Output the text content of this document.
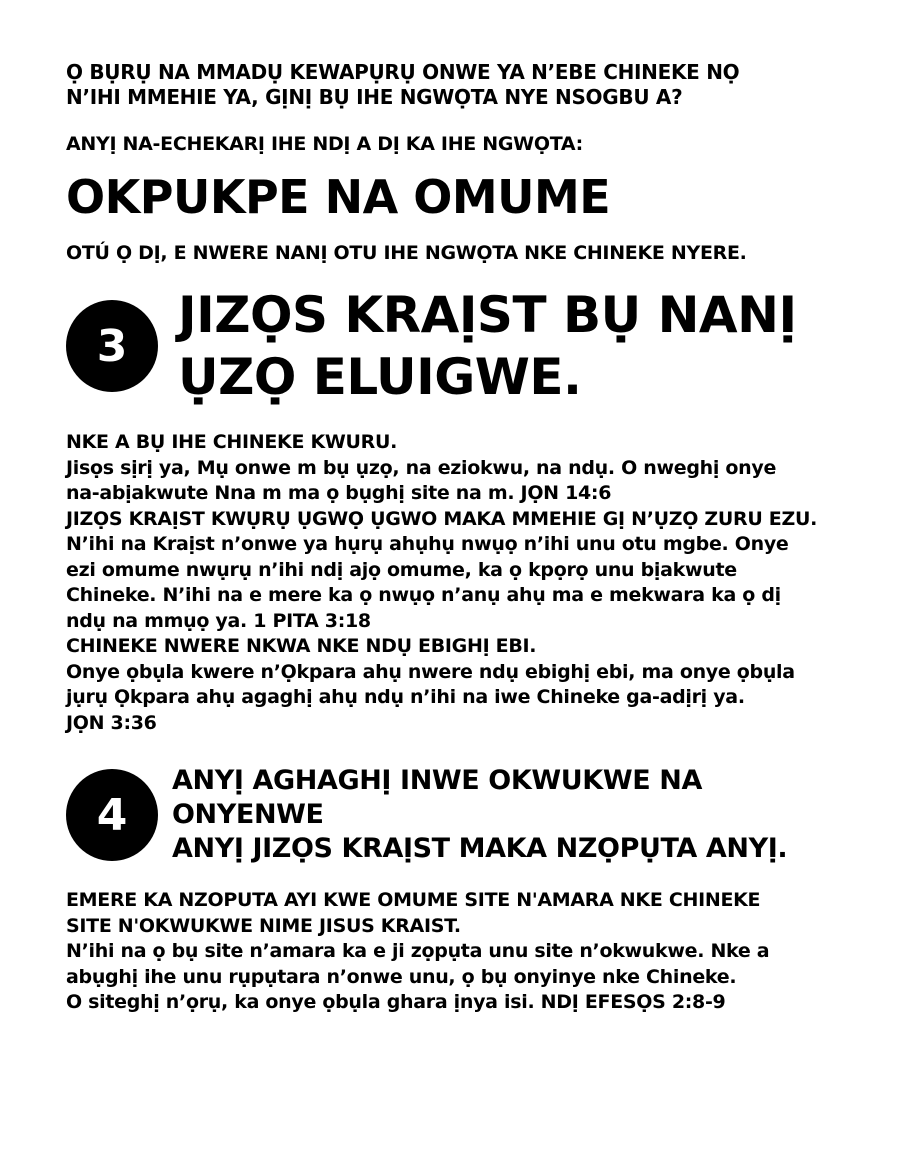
Ọ BỤRỤ NA MMADỤ KEWAPỤRỤ ONWE YA N’EBE CHINEKE NỌ
N’IHI MMEHIE YA, GỊNỊ BỤ IHE NGWỌTA NYE NSOGBU A?
ANYỊ NA-ECHEKARỊ IHE NDỊ A DỊ KA IHE NGWỌTA:
OKPUKPE NA OMUME
OTÚ Ọ DỊ, E NWERE NANỊ OTU IHE NGWỌTA NKE CHINEKE NYERE.
3
JIZỌS KRAỊST BỤ NANỊ
ỤZỌ ELUIGWE.

NKE A BỤ IHE CHINEKE KWURU.

Jisọs sịrị ya, Mụ onwe m bụ ụzọ, na eziokwu, na ndụ. O nweghị onye

na-abịakwute Nna m ma ọ bụghị site na m. JỌN 14:6

JIZỌS KRAỊST KWỤRỤ ỤGWỌ ỤGWO MAKA MMEHIE GỊ N’ỤZỌ ZURU EZU.

N’ihi na Kraịst n’onwe ya hụrụ ahụhụ nwụọ n’ihi unu otu mgbe. Onye

ezi omume nwụrụ n’ihi ndị ajọ omume, ka ọ kpọrọ unu bịakwute

Chineke. N’ihi na e mere ka ọ nwụọ n’anụ ahụ ma e mekwara ka ọ dị

ndụ na mmụọ ya. 1 PITA 3:18

CHINEKE NWERE NKWA NKE NDỤ EBIGHỊ EBI.

Onye ọbụla kwere n’Ọkpara ahụ nwere ndụ ebighị ebi, ma onye ọbụla

jụrụ Ọkpara ahụ agaghị ahụ ndụ n’ihi na iwe Chineke ga-adịrị ya.

JỌN 3:36

4
ANYỊ AGHAGHỊ INWE OKWUKWE NA ONYENWE
ANYỊ JIZỌS KRAỊST MAKA NZỌPỤTA ANYỊ.

EMERE KA NZOPUTA AYI KWE OMUME SITE N'AMARA NKE CHINEKE

SITE N'OKWUKWE NIME JISUS KRAIST.

N’ihi na ọ bụ site n’amara ka e ji zọpụta unu site n’okwukwe. Nke a

abụghị ihe unu rụpụtara n’onwe unu, ọ bụ onyinye nke Chineke.

O siteghị n’ọrụ, ka onye ọbụla ghara ịnya isi. NDỊ EFESỌS 2:8-9
